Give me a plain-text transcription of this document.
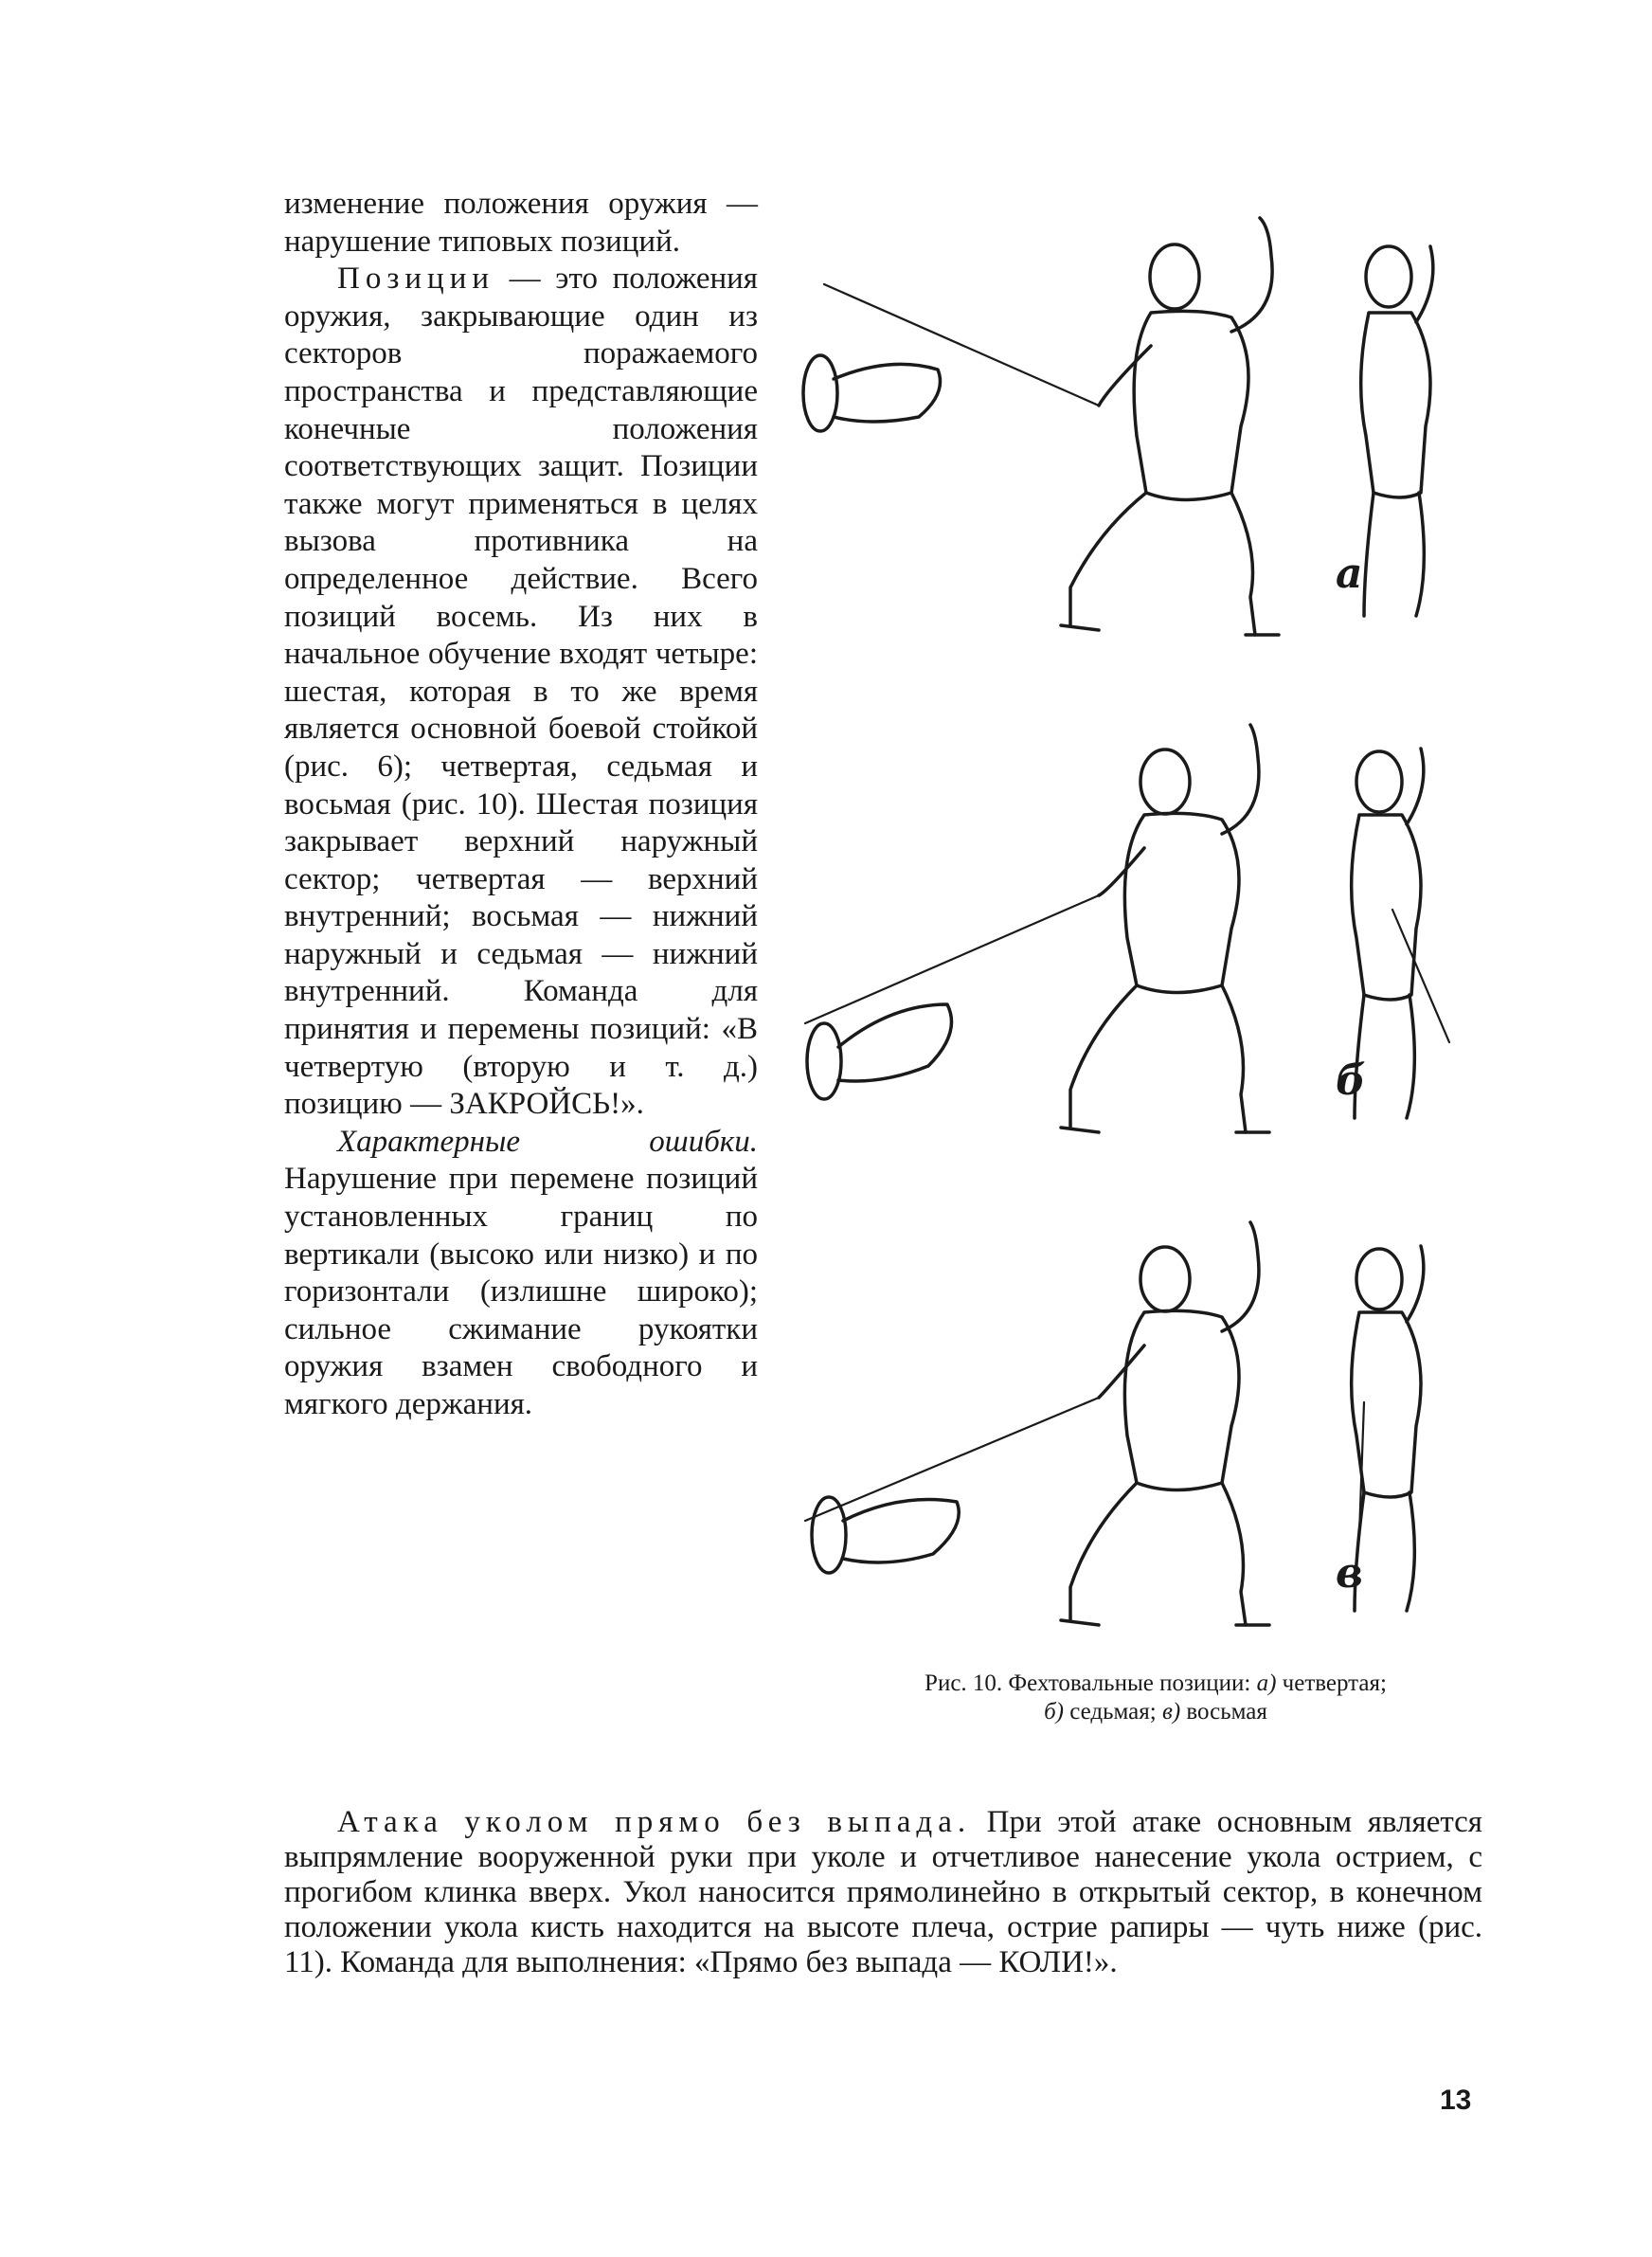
изменение положения оружия — нарушение типовых позиций.

Позиции — это положения оружия, закрывающие один из секторов поражаемого пространства и представляющие конечные положения соответствующих защит. Позиции также могут применяться в целях вызова противника на определенное действие. Всего позиций восемь. Из них в начальное обучение входят четыре: шестая, которая в то же время является основной боевой стойкой (рис. 6); четвертая, седьмая и восьмая (рис. 10). Шестая позиция закрывает верхний наружный сектор; четвертая — верхний внутренний; восьмая — нижний наружный и седьмая — нижний внутренний. Команда для принятия и перемены позиций: «В четвертую (вторую и т. д.) позицию — ЗАКРОЙСЬ!».

Характерные ошибки. Нарушение при перемене позиций установленных границ по вертикали (высоко или низко) и по горизонтали (излишне широко); сильное сжимание рукоятки оружия взамен свободного и мягкого держания.

а
б
в
Рис. 10. Фехтовальные позиции: а) четвертая;
б) седьмая; в) восьмая

Атака уколом прямо без выпада. При этой атаке основным является выпрямление вооруженной руки при уколе и отчетливое нанесение укола острием, с прогибом клинка вверх. Укол наносится прямолинейно в открытый сектор, в конечном положении укола кисть находится на высоте плеча, острие рапиры — чуть ниже (рис. 11). Команда для выполнения: «Прямо без выпада — КОЛИ!».

13
